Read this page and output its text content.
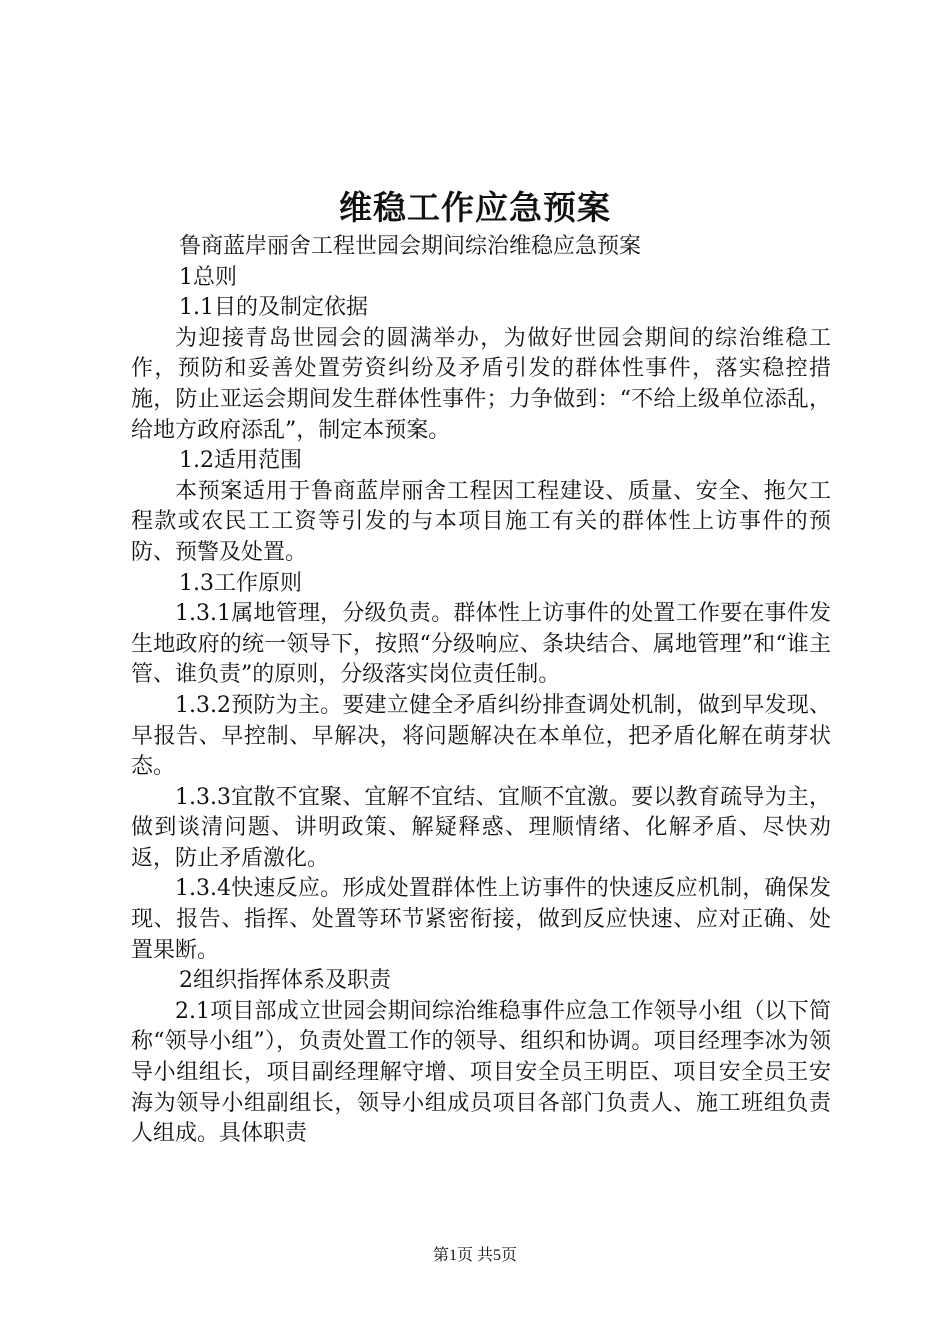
维稳工作应急预案

鲁商蓝岸丽舍工程世园会期间综治维稳应急预案

1总则

1.1目的及制定依据

为迎接青岛世园会的圆满举办，为做好世园会期间的综治维稳工作，预防和妥善处置劳资纠纷及矛盾引发的群体性事件，落实稳控措施，防止亚运会期间发生群体性事件；力争做到：“不给上级单位添乱，给地方政府添乱”，制定本预案。

1.2适用范围

本预案适用于鲁商蓝岸丽舍工程因工程建设、质量、安全、拖欠工程款或农民工工资等引发的与本项目施工有关的群体性上访事件的预防、预警及处置。

1.3工作原则

1.3.1属地管理，分级负责。群体性上访事件的处置工作要在事件发生地政府的统一领导下，按照“分级响应、条块结合、属地管理”和“谁主管、谁负责”的原则，分级落实岗位责任制。

1.3.2预防为主。要建立健全矛盾纠纷排查调处机制，做到早发现、早报告、早控制、早解决，将问题解决在本单位，把矛盾化解在萌芽状态。

1.3.3宜散不宜聚、宜解不宜结、宜顺不宜激。要以教育疏导为主，做到谈清问题、讲明政策、解疑释惑、理顺情绪、化解矛盾、尽快劝返，防止矛盾激化。

1.3.4快速反应。形成处置群体性上访事件的快速反应机制，确保发现、报告、指挥、处置等环节紧密衔接，做到反应快速、应对正确、处置果断。

2组织指挥体系及职责

2.1项目部成立世园会期间综治维稳事件应急工作领导小组（以下简称“领导小组”），负责处置工作的领导、组织和协调。项目经理李冰为领导小组组长，项目副经理解守增、项目安全员王明臣、项目安全员王安海为领导小组副组长，领导小组成员项目各部门负责人、施工班组负责人组成。具体职责

第1页 共5页
